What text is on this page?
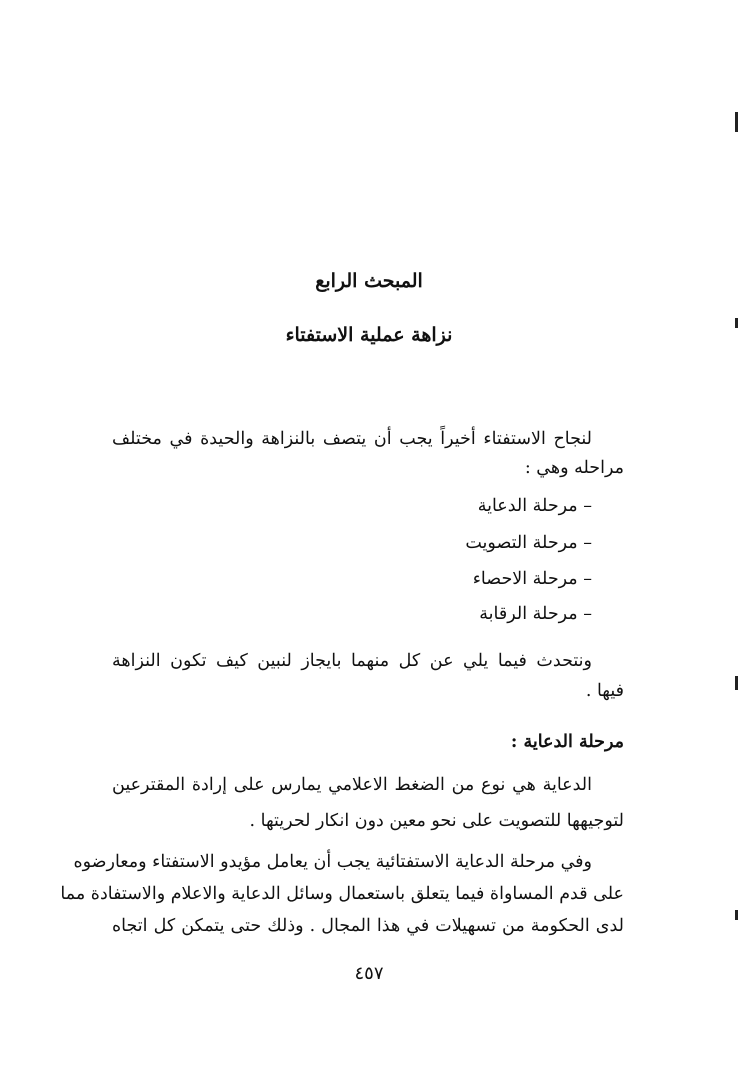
المبحث الرابع
نزاهة عملية الاستفتاء
لنجاح الاستفتاء أخيراً يجب أن يتصف بالنزاهة والحيدة في مختلف
مراحله وهي :
– مرحلة الدعاية
– مرحلة التصويت
– مرحلة الاحصاء
– مرحلة الرقابة
ونتحدث فيما يلي عن كل منهما بايجاز لنبين كيف تكون النزاهة
فيها .
مرحلة الدعاية :
الدعاية هي نوع من الضغط الاعلامي يمارس على إرادة المقترعين
لتوجيهها للتصويت على نحو معين دون انكار لحريتها .
وفي مرحلة الدعاية الاستفتائية يجب أن يعامل مؤيدو الاستفتاء ومعارضوه
على قدم المساواة فيما يتعلق باستعمال وسائل الدعاية والاعلام والاستفادة مما
لدى الحكومة من تسهيلات في هذا المجال . وذلك حتى يتمكن كل اتجاه
٤٥٧
